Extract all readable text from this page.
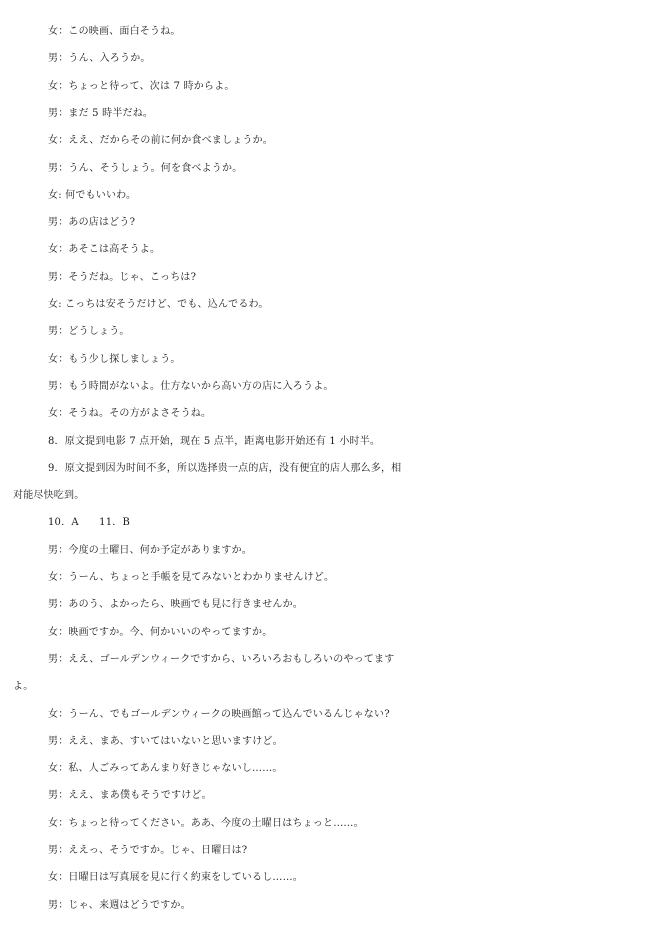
女：この映画、面白そうね。
男：うん、入ろうか。
女：ちょっと待って、次は 7 時からよ。
男：まだ 5 時半だね。
女：ええ、だからその前に何か食べましょうか。
男：うん、そうしょう。何を食べようか。
女: 何でもいいわ。
男：あの店はどう?
女：あそこは高そうよ。
男：そうだね。じゃ、こっちは?
女: こっちは安そうだけど、でも、込んでるわ。
男：どうしょう。
女：もう少し探しましょう。
男：もう時間がないよ。仕方ないから高い方の店に入ろうよ。
女：そうね。その方がよさそうね。
8．原文提到电影 7 点开始，现在 5 点半，距离电影开始还有 1 小时半。
9．原文提到因为时间不多，所以选择贵一点的店，没有便宜的店人那么多，相
对能尽快吃到。
10．A　　11．B
男：今度の土曜日、何か予定がありますか。
女：うーん、ちょっと手帳を見てみないとわかりませんけど。
男：あのう、よかったら、映画でも見に行きませんか。
女：映画ですか。今、何かいいのやってますか。
男：ええ、ゴールデンウィークですから、いろいろおもしろいのやってます
よ。
女：うーん、でもゴールデンウィークの映画館って込んでいるんじゃない?
男：ええ、まあ、すいてはいないと思いますけど。
女：私、人ごみってあんまり好きじゃないし……。
男：ええ、まあ僕もそうですけど。
女：ちょっと待ってください。ああ、今度の土曜日はちょっと……。
男：ええっ、そうですか。じゃ、日曜日は?
女：日曜日は写真展を見に行く約束をしているし……。
男：じゃ、来週はどうですか。
